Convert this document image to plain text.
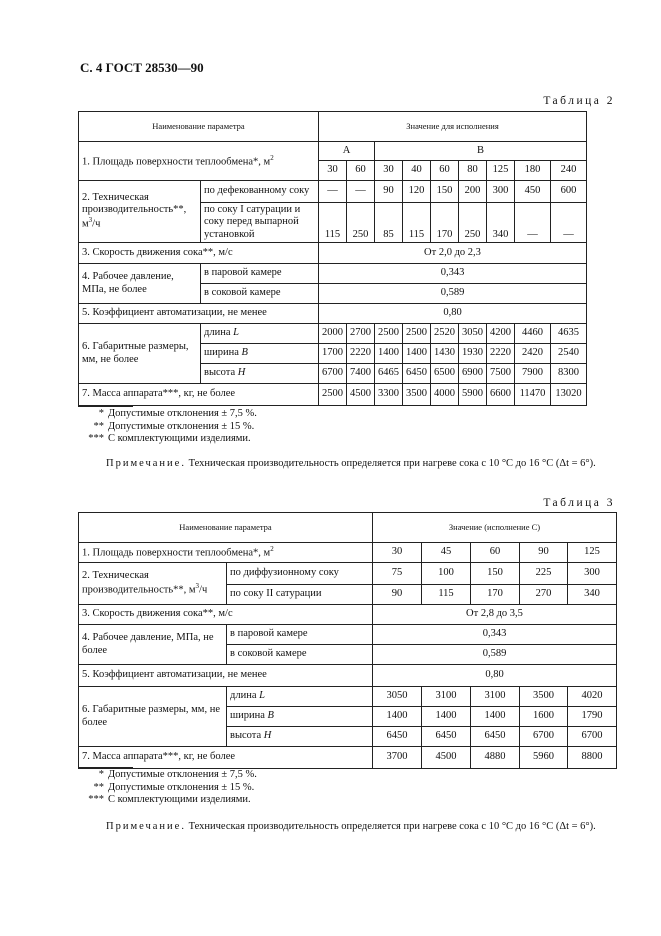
С. 4 ГОСТ 28530—90
Таблица 2
Наименование параметра		Значение для исполнения								
1. Площадь поверхности теплообмена*, $м^2$		А		В						
		30	60	30	40	60	80	125	180	240
2. Техническая производительность**, $м^3/ч$	по дефекованному соку	—	—	90	120	150	200	300	450	600
	по соку I сатурации и соку перед выпарной установкой	115	250	85	115	170	250	340	—	—
3. Скорость движения сока**, м/с		От 2,0 до 2,3								
4. Рабочее давление, МПа, не более	в паровой камере	0,343								
	в соковой камере	0,589								
5. Коэффициент автоматизации, не менее		0,80								
6. Габаритные размеры, мм, не более	длина L	2000	2700	2500	2500	2520	3050	4200	4460	4635
	ширина B	1700	2220	1400	1400	1430	1930	2220	2420	2540
	высота H	6700	7400	6465	6450	6500	6900	7500	7900	8300
7. Масса аппарата***, кг, не более		2500	4500	3300	3500	4000	5900	6600	11470	13020
* Допустимые отклонения ± 7,5 %.
** Допустимые отклонения ± 15 %.
*** С комплектующими изделиями.
Примечание. Техническая производительность определяется при нагреве сока с 10 °С до 16 °С (Δt = 6°).
Таблица 3
Наименование параметра		Значение (исполнение С)				
1. Площадь поверхности теплообмена*, $м^2$		30	45	60	90	125
2. Техническая производительность**, $м^3/ч$	по диффузионному соку	75	100	150	225	300
	по соку II сатурации	90	115	170	270	340
3. Скорость движения сока**, м/с		От 2,8 до 3,5				
4. Рабочее давление, МПа, не более	в паровой камере	0,343				
	в соковой камере	0,589				
5. Коэффициент автоматизации, не менее		0,80				
6. Габаритные размеры, мм, не более	длина L	3050	3100	3100	3500	4020
	ширина B	1400	1400	1400	1600	1790
	высота H	6450	6450	6450	6700	6700
7. Масса аппарата***, кг, не более		3700	4500	4880	5960	8800
* Допустимые отклонения ± 7,5 %.
** Допустимые отклонения ± 15 %.
*** С комплектующими изделиями.
Примечание. Техническая производительность определяется при нагреве сока с 10 °С до 16 °С (Δt = 6°).
